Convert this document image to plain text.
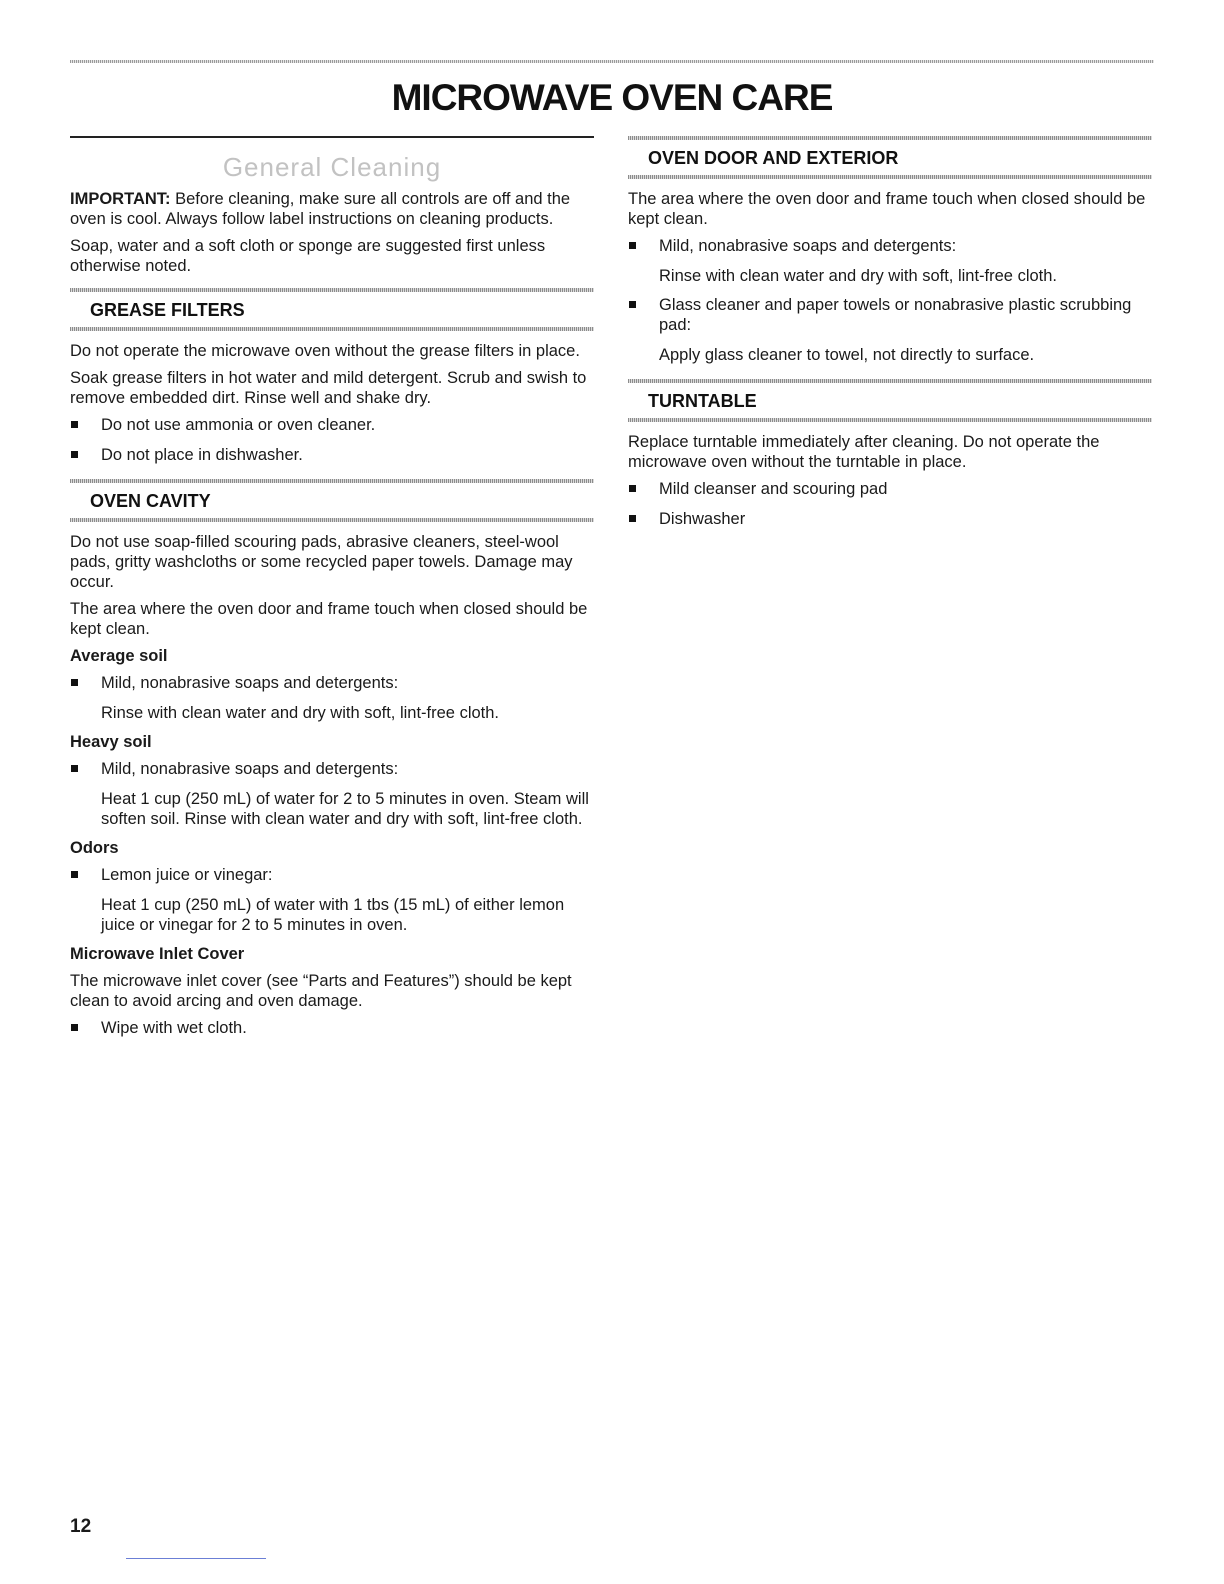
MICROWAVE OVEN CARE
General Cleaning

IMPORTANT: Before cleaning, make sure all controls are off and the oven is cool. Always follow label instructions on cleaning products.

Soap, water and a soft cloth or sponge are suggested first unless otherwise noted.

GREASE FILTERS

Do not operate the microwave oven without the grease filters in place.

Soak grease filters in hot water and mild detergent. Scrub and swish to remove embedded dirt. Rinse well and shake dry.

Do not use ammonia or oven cleaner.
Do not place in dishwasher.
OVEN CAVITY

Do not use soap-filled scouring pads, abrasive cleaners, steel-wool pads, gritty washcloths or some recycled paper towels. Damage may occur.

The area where the oven door and frame touch when closed should be kept clean.

Average soil
Mild, nonabrasive soaps and detergents:

Rinse with clean water and dry with soft, lint-free cloth.

Heavy soil
Mild, nonabrasive soaps and detergents:

Heat 1 cup (250 mL) of water for 2 to 5 minutes in oven. Steam will soften soil. Rinse with clean water and dry with soft, lint-free cloth.

Odors
Lemon juice or vinegar:

Heat 1 cup (250 mL) of water with 1 tbs (15 mL) of either lemon juice or vinegar for 2 to 5 minutes in oven.

Microwave Inlet Cover

The microwave inlet cover (see “Parts and Features”) should be kept clean to avoid arcing and oven damage.

Wipe with wet cloth.
OVEN DOOR AND EXTERIOR

The area where the oven door and frame touch when closed should be kept clean.

Mild, nonabrasive soaps and detergents:

Rinse with clean water and dry with soft, lint-free cloth.

Glass cleaner and paper towels or nonabrasive plastic scrubbing pad:

Apply glass cleaner to towel, not directly to surface.

TURNTABLE

Replace turntable immediately after cleaning. Do not operate the microwave oven without the turntable in place.

Mild cleanser and scouring pad
Dishwasher
12
